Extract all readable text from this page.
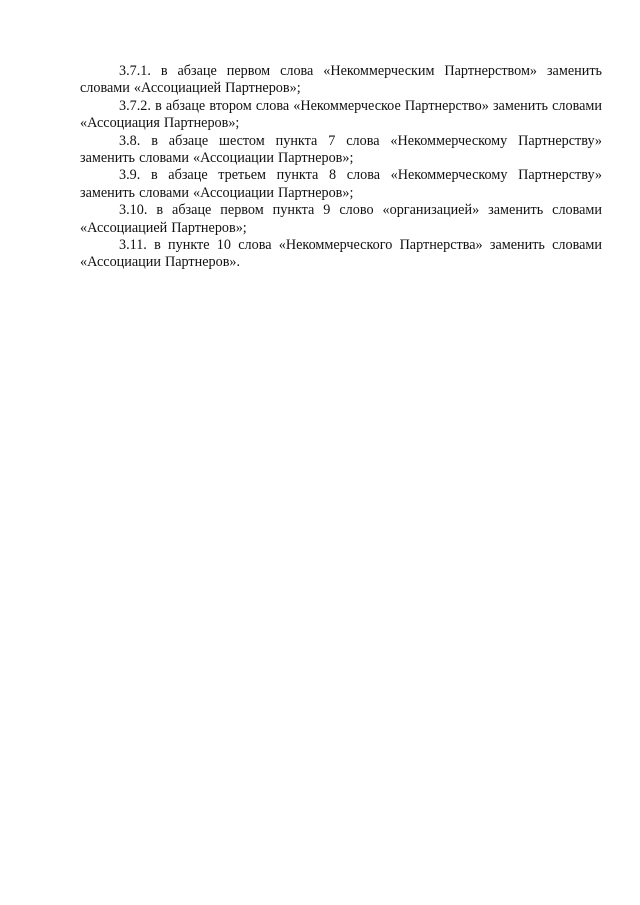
3.7.1. в абзаце первом слова «Некоммерческим Партнерством» заменить словами «Ассоциацией Партнеров»;

3.7.2. в абзаце втором слова «Некоммерческое Партнерство» заменить словами «Ассоциация Партнеров»;

3.8. в абзаце шестом пункта 7 слова «Некоммерческому Партнерству» заменить словами «Ассоциации Партнеров»;

3.9. в абзаце третьем пункта 8 слова «Некоммерческому Партнерству» заменить словами «Ассоциации Партнеров»;

3.10. в абзаце первом пункта 9 слово «организацией» заменить словами «Ассоциацией Партнеров»;

3.11. в пункте 10 слова «Некоммерческого Партнерства» заменить словами «Ассоциации Партнеров».
